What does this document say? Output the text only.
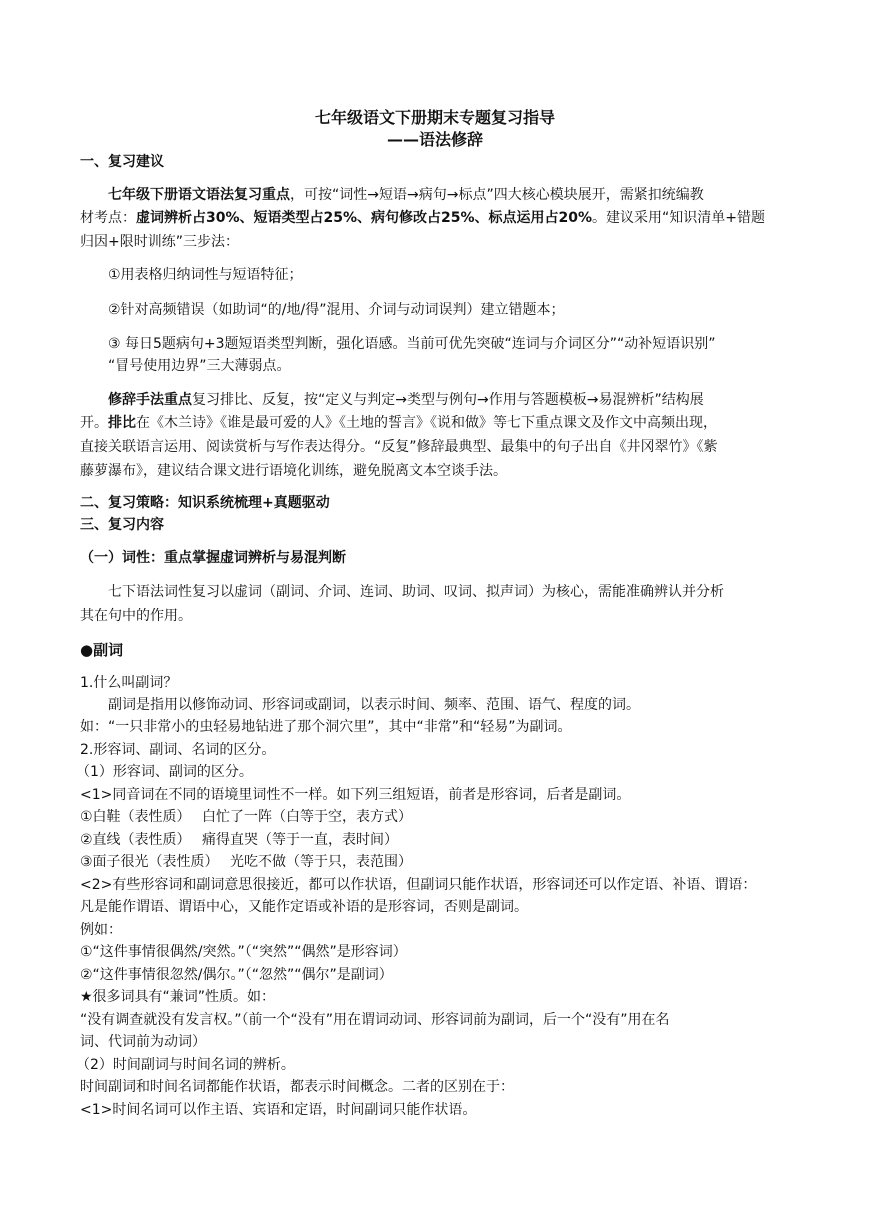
七年级语文下册期末专题复习指导
——语法修辞
一、复习建议
七年级下册语文语法复习重点，可按“词性→短语→病句→标点”四大核心模块展开，需紧扣统编教
材考点：虚词辨析占30%、短语类型占25%、病句修改占25%、标点运用占20%。建议采用“知识清单+错题
归因+限时训练”三步法：
①用表格归纳词性与短语特征；
②针对高频错误（如助词“的/地/得”混用、介词与动词误判）建立错题本；
③ 每日5题病句+3题短语类型判断，强化语感。当前可优先突破“连词与介词区分”“动补短语识别”
“冒号使用边界”三大薄弱点。
修辞手法重点复习排比、反复，按“定义与判定→类型与例句→作用与答题模板→易混辨析”结构展
开。排比在《木兰诗》《谁是最可爱的人》《土地的誓言》《说和做》等七下重点课文及作文中高频出现，
直接关联语言运用、阅读赏析与写作表达得分。“反复”修辞最典型、最集中的句子出自《井冈翠竹》《紫
藤萝瀑布》，建议结合课文进行语境化训练，避免脱离文本空谈手法。
二、复习策略：知识系统梳理+真题驱动
三、复习内容
（一）词性：重点掌握虚词辨析与易混判断
七下语法词性复习以虚词（副词、介词、连词、助词、叹词、拟声词）为核心，需能准确辨认并分析
其在句中的作用。
●副词
1.什么叫副词？
副词是指用以修饰动词、形容词或副词，以表示时间、频率、范围、语气、程度的词。
如：“一只非常小的虫轻易地钻进了那个洞穴里”，其中“非常”和“轻易”为副词。
2.形容词、副词、名词的区分。
（1）形容词、副词的区分。
<1>同音词在不同的语境里词性不一样。如下列三组短语，前者是形容词，后者是副词。
①白鞋（表性质）　 白忙了一阵（白等于空，表方式）
②直线（表性质）　 痛得直哭（等于一直，表时间）
③面子很光（表性质）　 光吃不做（等于只，表范围）
<2>有些形容词和副词意思很接近，都可以作状语，但副词只能作状语，形容词还可以作定语、补语、谓语：
凡是能作谓语、谓语中心，又能作定语或补语的是形容词，否则是副词。
例如：
①“这件事情很偶然/突然。”（“突然”“偶然”是形容词）
②“这件事情很忽然/偶尔。”（“忽然”“偶尔”是副词）
★很多词具有“兼词”性质。如：
“没有调查就没有发言权。”（前一个“没有”用在谓词动词、形容词前为副词，后一个“没有”用在名
词、代词前为动词）
（2）时间副词与时间名词的辨析。
时间副词和时间名词都能作状语，都表示时间概念。二者的区别在于：
<1>时间名词可以作主语、宾语和定语，时间副词只能作状语。
